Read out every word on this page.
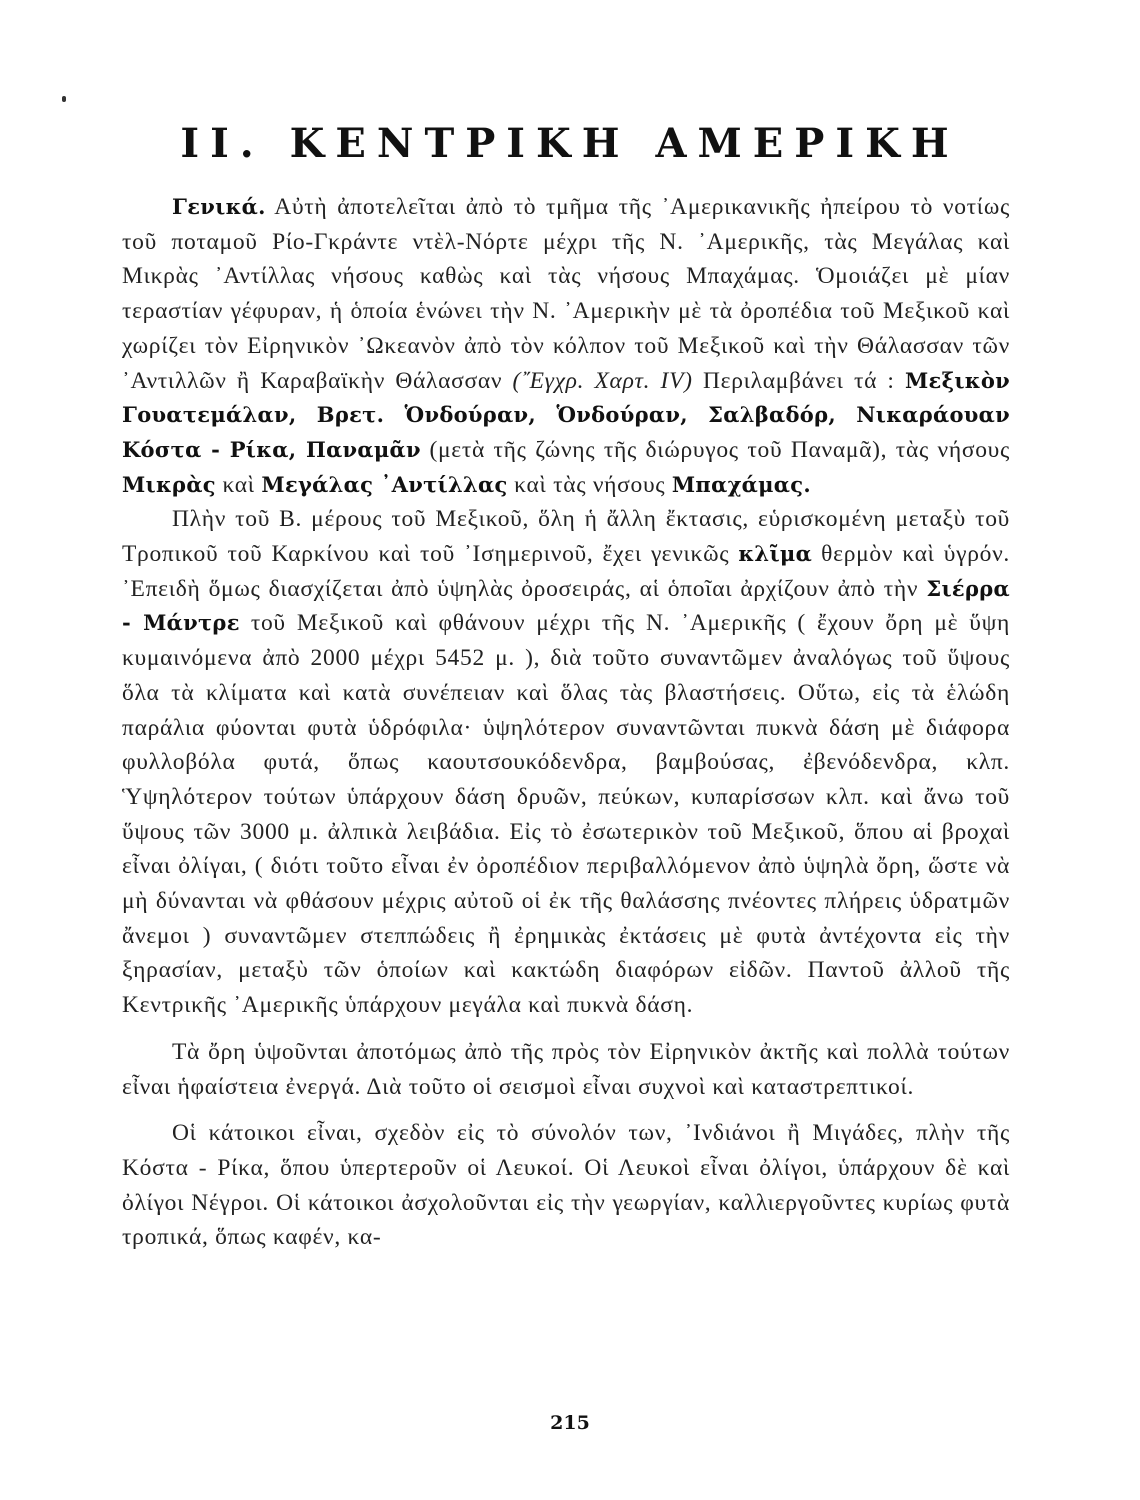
II. ΚΕΝΤΡΙΚΗ ΑΜΕΡΙΚΗ

Γενικά. Αὐτὴ ἀποτελεῖται ἀπὸ τὸ τμῆμα τῆς ᾿Αμερικανικῆς ἠπείρου τὸ νοτίως τοῦ ποταμοῦ Ρίο-Γκράντε ντὲλ-Νόρτε μέχρι τῆς Ν. ᾿Αμερικῆς, τὰς Μεγάλας καὶ Μικρὰς ᾿Αντίλλας νήσους καθὼς καὶ τὰς νήσους Μπαχάμας. Ὁμοιάζει μὲ μίαν τεραστίαν γέφυραν, ἡ ὁποία ἑνώνει τὴν Ν. ᾿Αμερικὴν μὲ τὰ ὀροπέδια τοῦ Μεξικοῦ καὶ χωρίζει τὸν Εἰρηνικὸν ᾿Ωκεανὸν ἀπὸ τὸν κόλπον τοῦ Μεξικοῦ καὶ τὴν Θάλασσαν τῶν ᾿Αντιλλῶν ἢ Καραβαϊκὴν Θάλασσαν (῎Εγχρ. Χαρτ. IV) Περιλαμβάνει τά : Μεξικὸν Γουατεμάλαν, Βρετ. Ὁνδούραν, Ὁνδούραν, Σαλβαδόρ, Νικαράουαν Κόστα - Ρίκα, Παναμᾶν (μετὰ τῆς ζώνης τῆς διώρυγος τοῦ Παναμᾶ), τὰς νήσους Μικρὰς καὶ Μεγάλας ᾿Αντίλλας καὶ τὰς νήσους Μπαχάμας.

Πλὴν τοῦ Β. μέρους τοῦ Μεξικοῦ, ὅλη ἡ ἄλλη ἔκτασις, εὑρισκομένη μεταξὺ τοῦ Τροπικοῦ τοῦ Καρκίνου καὶ τοῦ ᾿Ισημερινοῦ, ἔχει γενικῶς κλῖμα θερμὸν καὶ ὑγρόν. ᾿Επειδὴ ὅμως διασχίζεται ἀπὸ ὑψηλὰς ὀροσειράς, αἱ ὁποῖαι ἀρχίζουν ἀπὸ τὴν Σιέρρα - Μάντρε τοῦ Μεξικοῦ καὶ φθάνουν μέχρι τῆς Ν. ᾿Αμερικῆς ( ἔχουν ὄρη μὲ ὕψη κυμαινόμενα ἀπὸ 2000 μέχρι 5452 μ. ), διὰ τοῦτο συναντῶμεν ἀναλόγως τοῦ ὕψους ὅλα τὰ κλίματα καὶ κατὰ συνέπειαν καὶ ὅλας τὰς βλαστήσεις. Οὕτω, εἰς τὰ ἑλώδη παράλια φύονται φυτὰ ὑδρόφιλα· ὑψηλότερον συναντῶνται πυκνὰ δάση μὲ διάφορα φυλλοβόλα φυτά, ὅπως καουτσουκόδενδρα, βαμβούσας, ἐβενόδενδρα, κλπ. Ὑψηλότερον τούτων ὑπάρχουν δάση δρυῶν, πεύκων, κυπαρίσσων κλπ. καὶ ἄνω τοῦ ὕψους τῶν 3000 μ. ἀλπικὰ λειβάδια. Εἰς τὸ ἐσωτερικὸν τοῦ Μεξικοῦ, ὅπου αἱ βροχαὶ εἶναι ὀλίγαι, ( διότι τοῦτο εἶναι ἐν ὀροπέδιον περιβαλλόμενον ἀπὸ ὑψηλὰ ὄρη, ὥστε νὰ μὴ δύνανται νὰ φθάσουν μέχρις αὐτοῦ οἱ ἐκ τῆς θαλάσσης πνέοντες πλήρεις ὑδρατμῶν ἄνεμοι ) συναντῶμεν στεππώδεις ἢ ἐρημικὰς ἐκτάσεις μὲ φυτὰ ἀντέχοντα εἰς τὴν ξηρασίαν, μεταξὺ τῶν ὁποίων καὶ κακτώδη διαφόρων εἰδῶν. Παντοῦ ἀλλοῦ τῆς Κεντρικῆς ᾿Αμερικῆς ὑπάρχουν μεγάλα καὶ πυκνὰ δάση.

Τὰ ὄρη ὑψοῦνται ἀποτόμως ἀπὸ τῆς πρὸς τὸν Εἰρηνικὸν ἀκτῆς καὶ πολλὰ τούτων εἶναι ἡφαίστεια ἐνεργά. Διὰ τοῦτο οἱ σεισμοὶ εἶναι συχνοὶ καὶ καταστρεπτικοί.

Οἱ κάτοικοι εἶναι, σχεδὸν εἰς τὸ σύνολόν των, ᾿Ινδιάνοι ἢ Μιγάδες, πλὴν τῆς Κόστα - Ρίκα, ὅπου ὑπερτεροῦν οἱ Λευκοί. Οἱ Λευκοὶ εἶναι ὀλίγοι, ὑπάρχουν δὲ καὶ ὀλίγοι Νέγροι. Οἱ κάτοικοι ἀσχολοῦνται εἰς τὴν γεωργίαν, καλλιεργοῦντες κυρίως φυτὰ τροπικά, ὅπως καφέν, κα-

215
